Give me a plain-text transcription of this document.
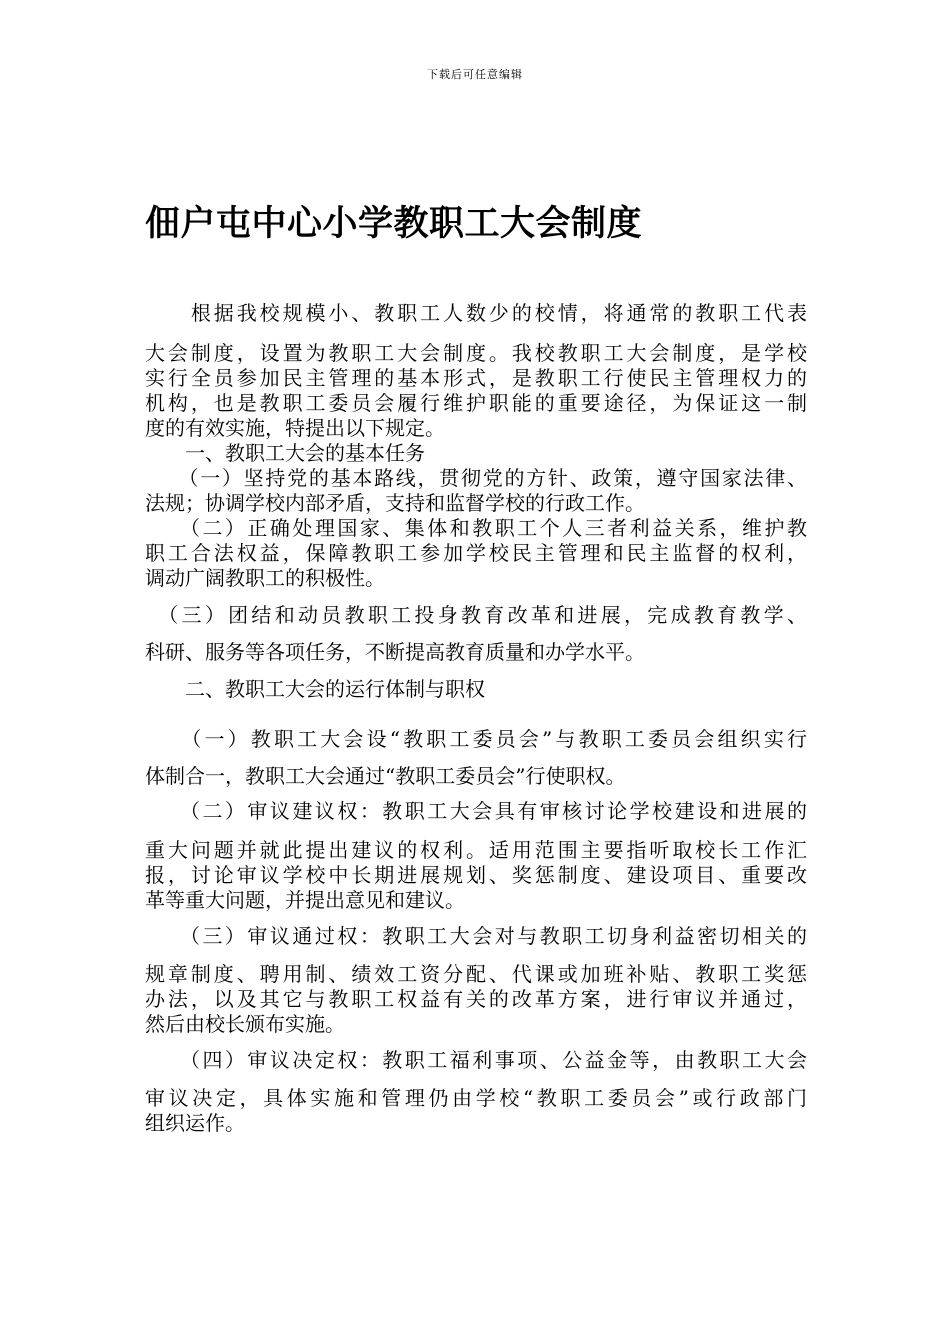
下载后可任意编辑
佃户屯中心小学教职工大会制度

　　根据我校规模小、教职工人数少的校情，将通常的教职工代表

大会制度，设置为教职工大会制度。我校教职工大会制度，是学校
实行全员参加民主管理的基本形式，是教职工行使民主管理权力的
机构，也是教职工委员会履行维护职能的重要途径，为保证这一制
度的有效实施，特提出以下规定。

　　一、教职工大会的基本任务

　　（一）坚持党的基本路线，贯彻党的方针、政策，遵守国家法律、
法规；协调学校内部矛盾，支持和监督学校的行政工作。

　　（二）正确处理国家、集体和教职工个人三者利益关系，维护教
职工合法权益，保障教职工参加学校民主管理和民主监督的权利，
调动广阔教职工的积极性。

　（三）团结和动员教职工投身教育改革和进展，完成教育教学、

科研、服务等各项任务，不断提高教育质量和办学水平。

　　二、教职工大会的运行体制与职权

　　（一）教职工大会设“教职工委员会”与教职工委员会组织实行

体制合一，教职工大会通过“教职工委员会”行使职权。

　　（二）审议建议权：教职工大会具有审核讨论学校建设和进展的

重大问题并就此提出建议的权利。适用范围主要指听取校长工作汇
报，讨论审议学校中长期进展规划、奖惩制度、建设项目、重要改
革等重大问题，并提出意见和建议。

　　（三）审议通过权：教职工大会对与教职工切身利益密切相关的

规章制度、聘用制、绩效工资分配、代课或加班补贴、教职工奖惩
办法，以及其它与教职工权益有关的改革方案，进行审议并通过，
然后由校长颁布实施。

　　（四）审议决定权：教职工福利事项、公益金等，由教职工大会

审议决定，具体实施和管理仍由学校“教职工委员会”或行政部门
组织运作。
